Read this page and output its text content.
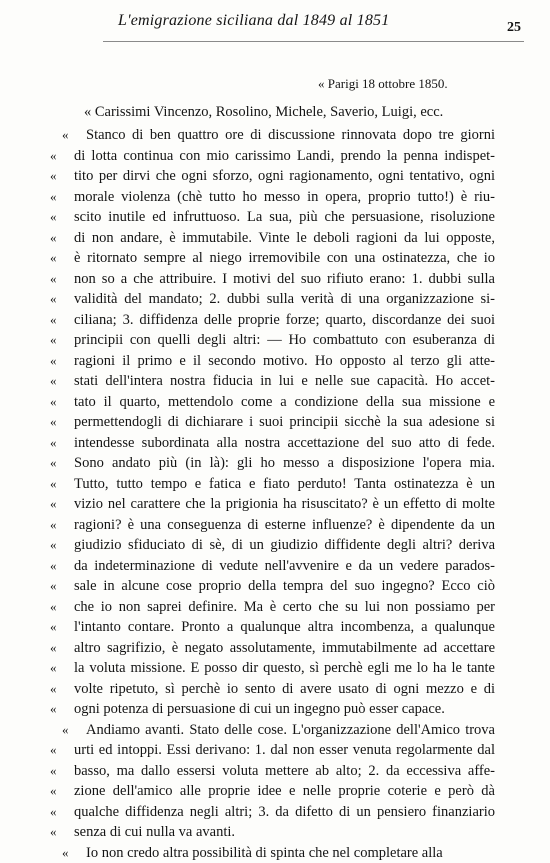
L'emigrazione siciliana dal 1849 al 1851	25
« Parigi 18 ottobre 1850.
« Carissimi Vincenzo, Rosolino, Michele, Saverio, Luigi, ecc.
«	Stanco di ben quattro ore di discussione rinnovata dopo tre giorni
«	di lotta continua con mio carissimo Landi, prendo la penna indispet-
«	tito per dirvi che ogni sforzo, ogni ragionamento, ogni tentativo, ogni
«	morale violenza (chè tutto ho messo in opera, proprio tutto!) è riu-
«	scito inutile ed infruttuoso. La sua, più che persuasione, risoluzione
«	di non andare, è immutabile. Vinte le deboli ragioni da lui opposte,
«	è ritornato sempre al niego irremovibile con una ostinatezza, che io
«	non so a che attribuire. I motivi del suo rifiuto erano: 1. dubbi sulla
«	validità del mandato; 2. dubbi sulla verità di una organizzazione si-
«	ciliana; 3. diffidenza delle proprie forze; quarto, discordanze dei suoi
«	principii con quelli degli altri: — Ho combattuto con esuberanza di
«	ragioni il primo e il secondo motivo. Ho opposto al terzo gli atte-
«	stati dell'intera nostra fiducia in lui e nelle sue capacità. Ho accet-
«	tato il quarto, mettendolo come a condizione della sua missione e
«	permettendogli di dichiarare i suoi principii sicchè la sua adesione si
«	intendesse subordinata alla nostra accettazione del suo atto di fede.
«	Sono andato più (in là): gli ho messo a disposizione l'opera mia.
«	Tutto, tutto tempo e fatica e fiato perduto! Tanta ostinatezza è un
«	vizio nel carattere che la prigionia ha risuscitato? è un effetto di molte
«	ragioni? è una conseguenza di esterne influenze? è dipendente da un
«	giudizio sfiduciato di sè, di un giudizio diffidente degli altri? deriva
«	da indeterminazione di vedute nell'avvenire e da un vedere parados-
«	sale in alcune cose proprio della tempra del suo ingegno? Ecco ciò
«	che io non saprei definire. Ma è certo che su lui non possiamo per
«	l'intanto contare. Pronto a qualunque altra incombenza, a qualunque
«	altro sagrifizio, è negato assolutamente, immutabilmente ad accettare
«	la voluta missione. E posso dir questo, sì perchè egli me lo ha le tante
«	volte ripetuto, sì perchè io sento di avere usato di ogni mezzo e di
«	ogni potenza di persuasione di cui un ingegno può esser capace.
«	Andiamo avanti. Stato delle cose. L'organizzazione dell'Amico trova
«	urti ed intoppi. Essi derivano: 1. dal non esser venuta regolarmente dal
«	basso, ma dallo essersi voluta mettere ab alto; 2. da eccessiva affe-
«	zione dell'amico alle proprie idee e nelle proprie coterie e però dà
«	qualche diffidenza negli altri; 3. da difetto di un pensiero finanziario
«	senza di cui nulla va avanti.
«	Io non credo altra possibilità di spinta che nel completare alla
